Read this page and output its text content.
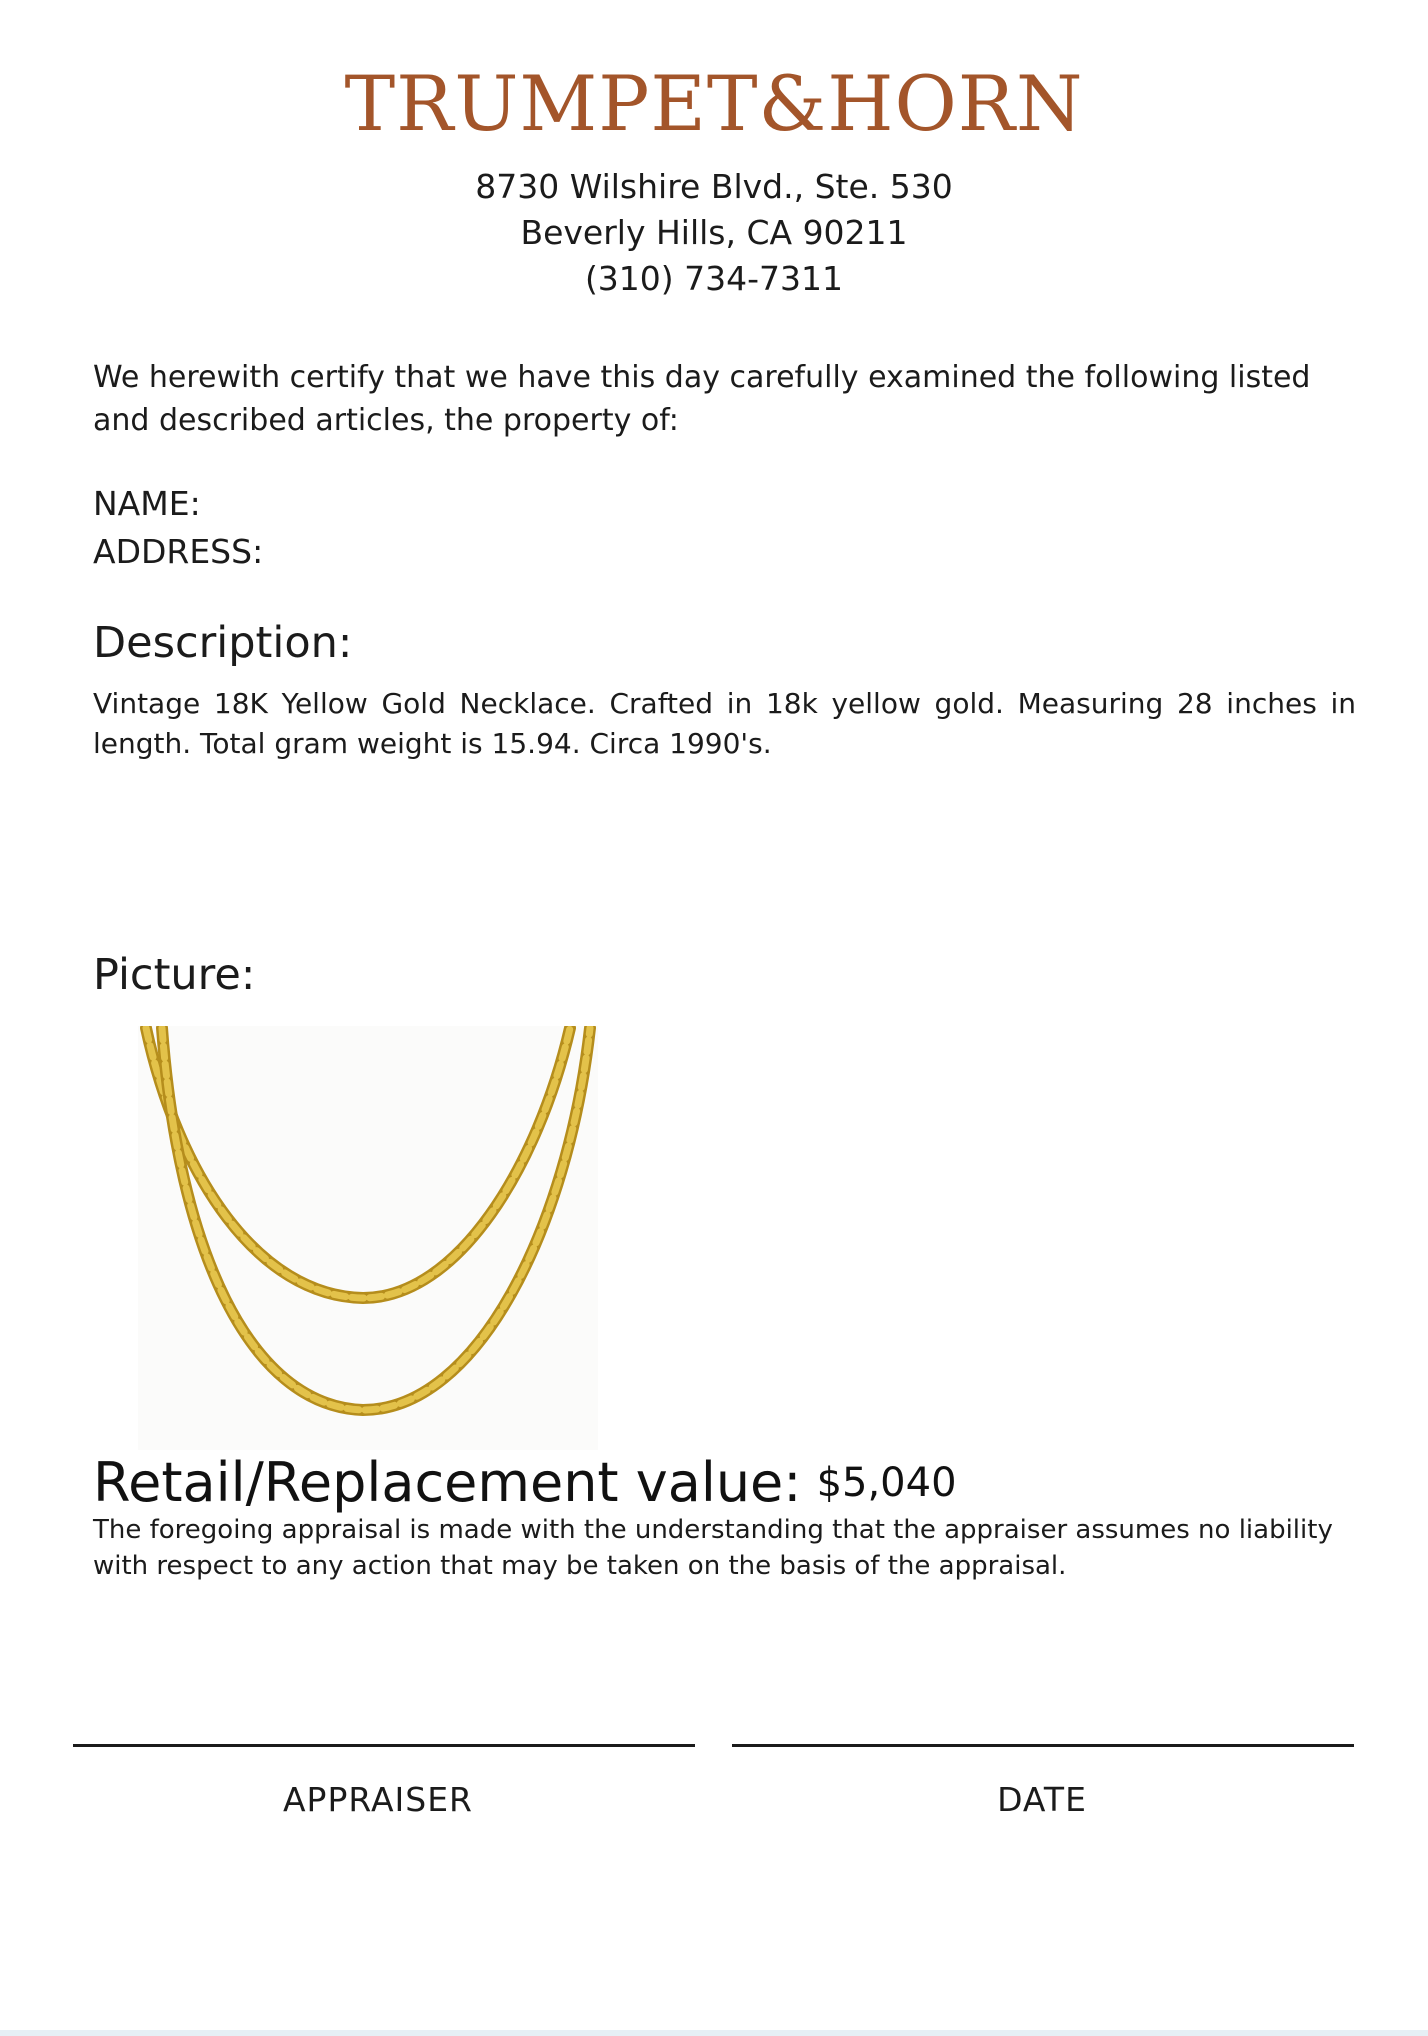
TRUMPET&HORN
8730 Wilshire Blvd., Ste. 530
Beverly Hills, CA 90211
(310) 734-7311
We herewith certify that we have this day carefully examined the following listed and described articles, the property of:
NAME:
ADDRESS:
Description:
Vintage 18K Yellow Gold Necklace. Crafted in 18k yellow gold. Measuring 28 inches in length. Total gram weight is 15.94. Circa 1990's.
Picture:
Retail/Replacement value: $5,040
The foregoing appraisal is made with the understanding that the appraiser assumes no liability with respect to any action that may be taken on the basis of the appraisal.
APPRAISER	DATE
